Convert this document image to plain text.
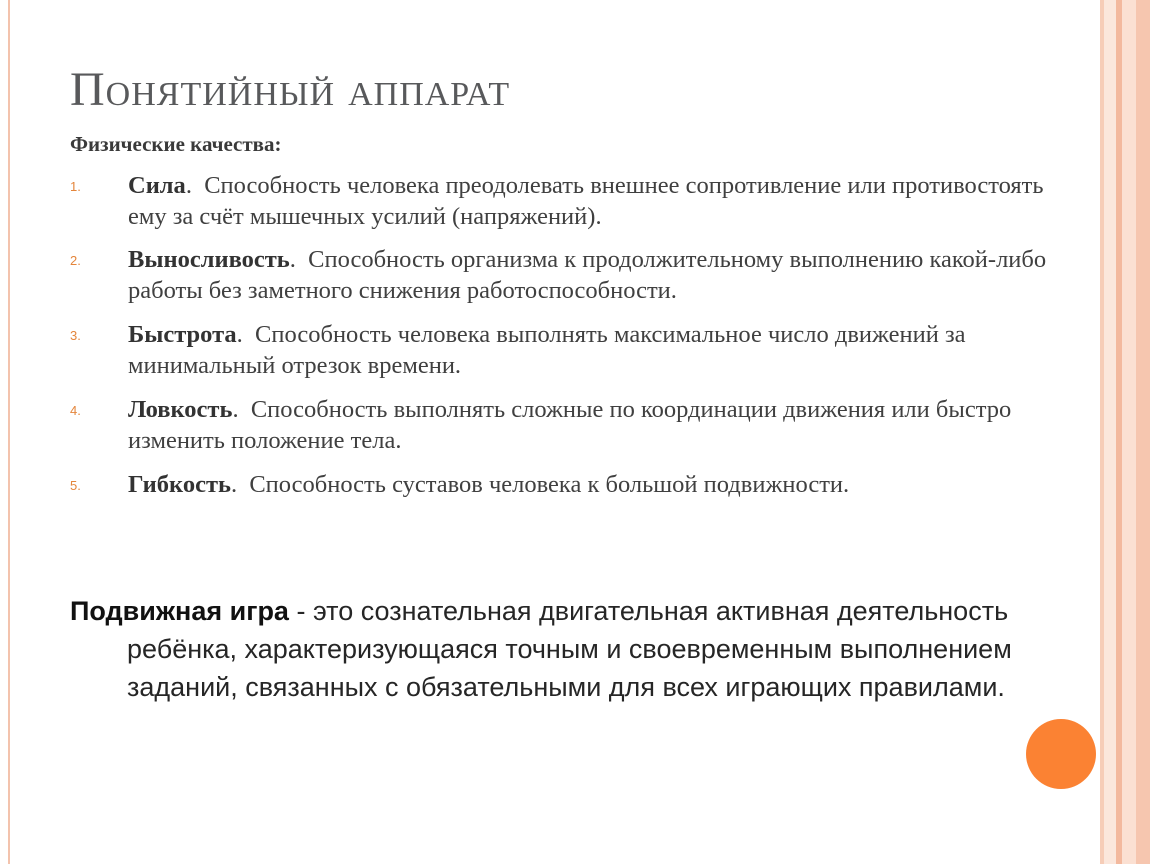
Понятийный аппарат
Физические качества:
1. Сила.  Способность человека преодолевать внешнее сопротивление или противостоять ему за счёт мышечных усилий (напряжений).
2. Выносливость.  Способность организма к продолжительному выполнению какой-либо работы без заметного снижения работоспособности.
3. Быстрота.  Способность человека выполнять максимальное число движений за минимальный отрезок времени.
4. Ловкость.  Способность выполнять сложные по координации движения или быстро изменить положение тела.
5. Гибкость.  Способность суставов человека к большой подвижности.
Подвижная игра - это сознательная двигательная активная деятельность ребёнка, характеризующаяся точным и своевременным выполнением заданий, связанных с обязательными для всех играющих правилами.
